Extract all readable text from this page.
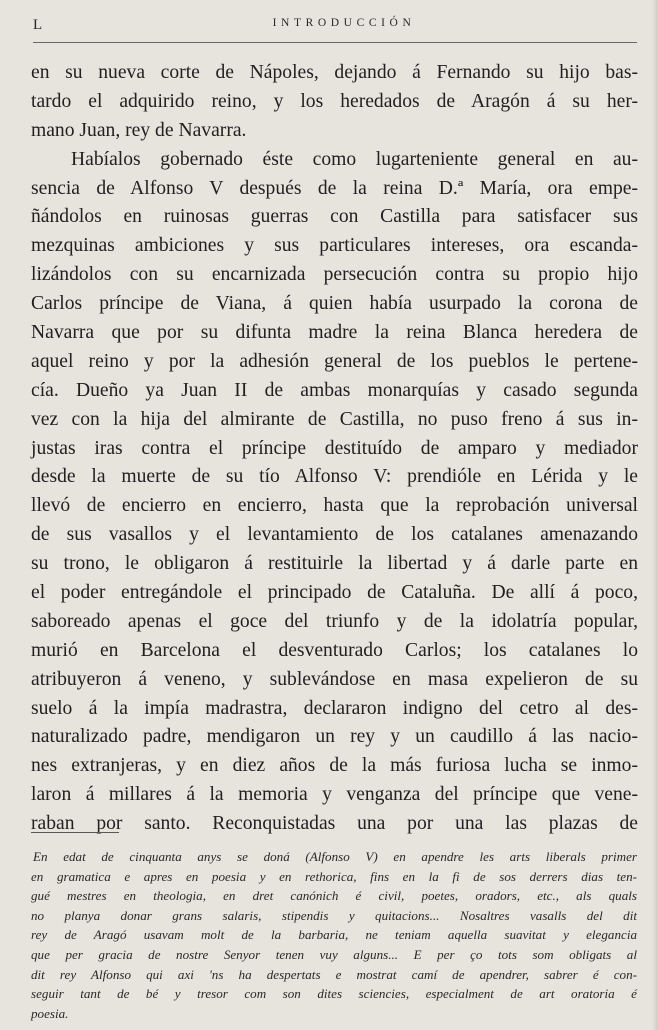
L	INTRODUCCIÓN
en su nueva corte de Nápoles, dejando á Fernando su hijo bas-
tardo el adquirido reino, y los heredados de Aragón á su her-
mano Juan, rey de Navarra.
Habíalos gobernado éste como lugarteniente general en au-
sencia de Alfonso V después de la reina D.ª María, ora empe-
ñándolos en ruinosas guerras con Castilla para satisfacer sus
mezquinas ambiciones y sus particulares intereses, ora escanda-
lizándolos con su encarnizada persecución contra su propio hijo
Carlos príncipe de Viana, á quien había usurpado la corona de
Navarra que por su difunta madre la reina Blanca heredera de
aquel reino y por la adhesión general de los pueblos le pertene-
cía. Dueño ya Juan II de ambas monarquías y casado segunda
vez con la hija del almirante de Castilla, no puso freno á sus in-
justas iras contra el príncipe destituído de amparo y mediador
desde la muerte de su tío Alfonso V: prendióle en Lérida y le
llevó de encierro en encierro, hasta que la reprobación universal
de sus vasallos y el levantamiento de los catalanes amenazando
su trono, le obligaron á restituirle la libertad y á darle parte en
el poder entregándole el principado de Cataluña. De allí á poco,
saboreado apenas el goce del triunfo y de la idolatría popular,
murió en Barcelona el desventurado Carlos; los catalanes lo
atribuyeron á veneno, y sublevándose en masa expelieron de su
suelo á la impía madrastra, declararon indigno del cetro al des-
naturalizado padre, mendigaron un rey y un caudillo á las nacio-
nes extranjeras, y en diez años de la más furiosa lucha se inmo-
laron á millares á la memoria y venganza del príncipe que vene-
raban por santo. Reconquistadas una por una las plazas de
En edat de cinquanta anys se doná (Alfonso V) en apendre les arts liberals primer
en gramatica e apres en poesia y en rethorica, fins en la fi de sos derrers dias ten-
gué mestres en theologia, en dret canónich é civil, poetes, oradors, etc., als quals
no planya donar grans salaris, stipendis y quitacions... Nosaltres vasalls del dit
rey de Aragó usavam molt de la barbaria, ne teniam aquella suavitat y elegancia
que per gracia de nostre Senyor tenen vuy alguns... E per ço tots som obligats al
dit rey Alfonso qui axi 'ns ha despertats e mostrat camí de apendrer, sabrer é con-
seguir tant de bé y tresor com son dites sciencies, especialment de art oratoria é
poesia.
